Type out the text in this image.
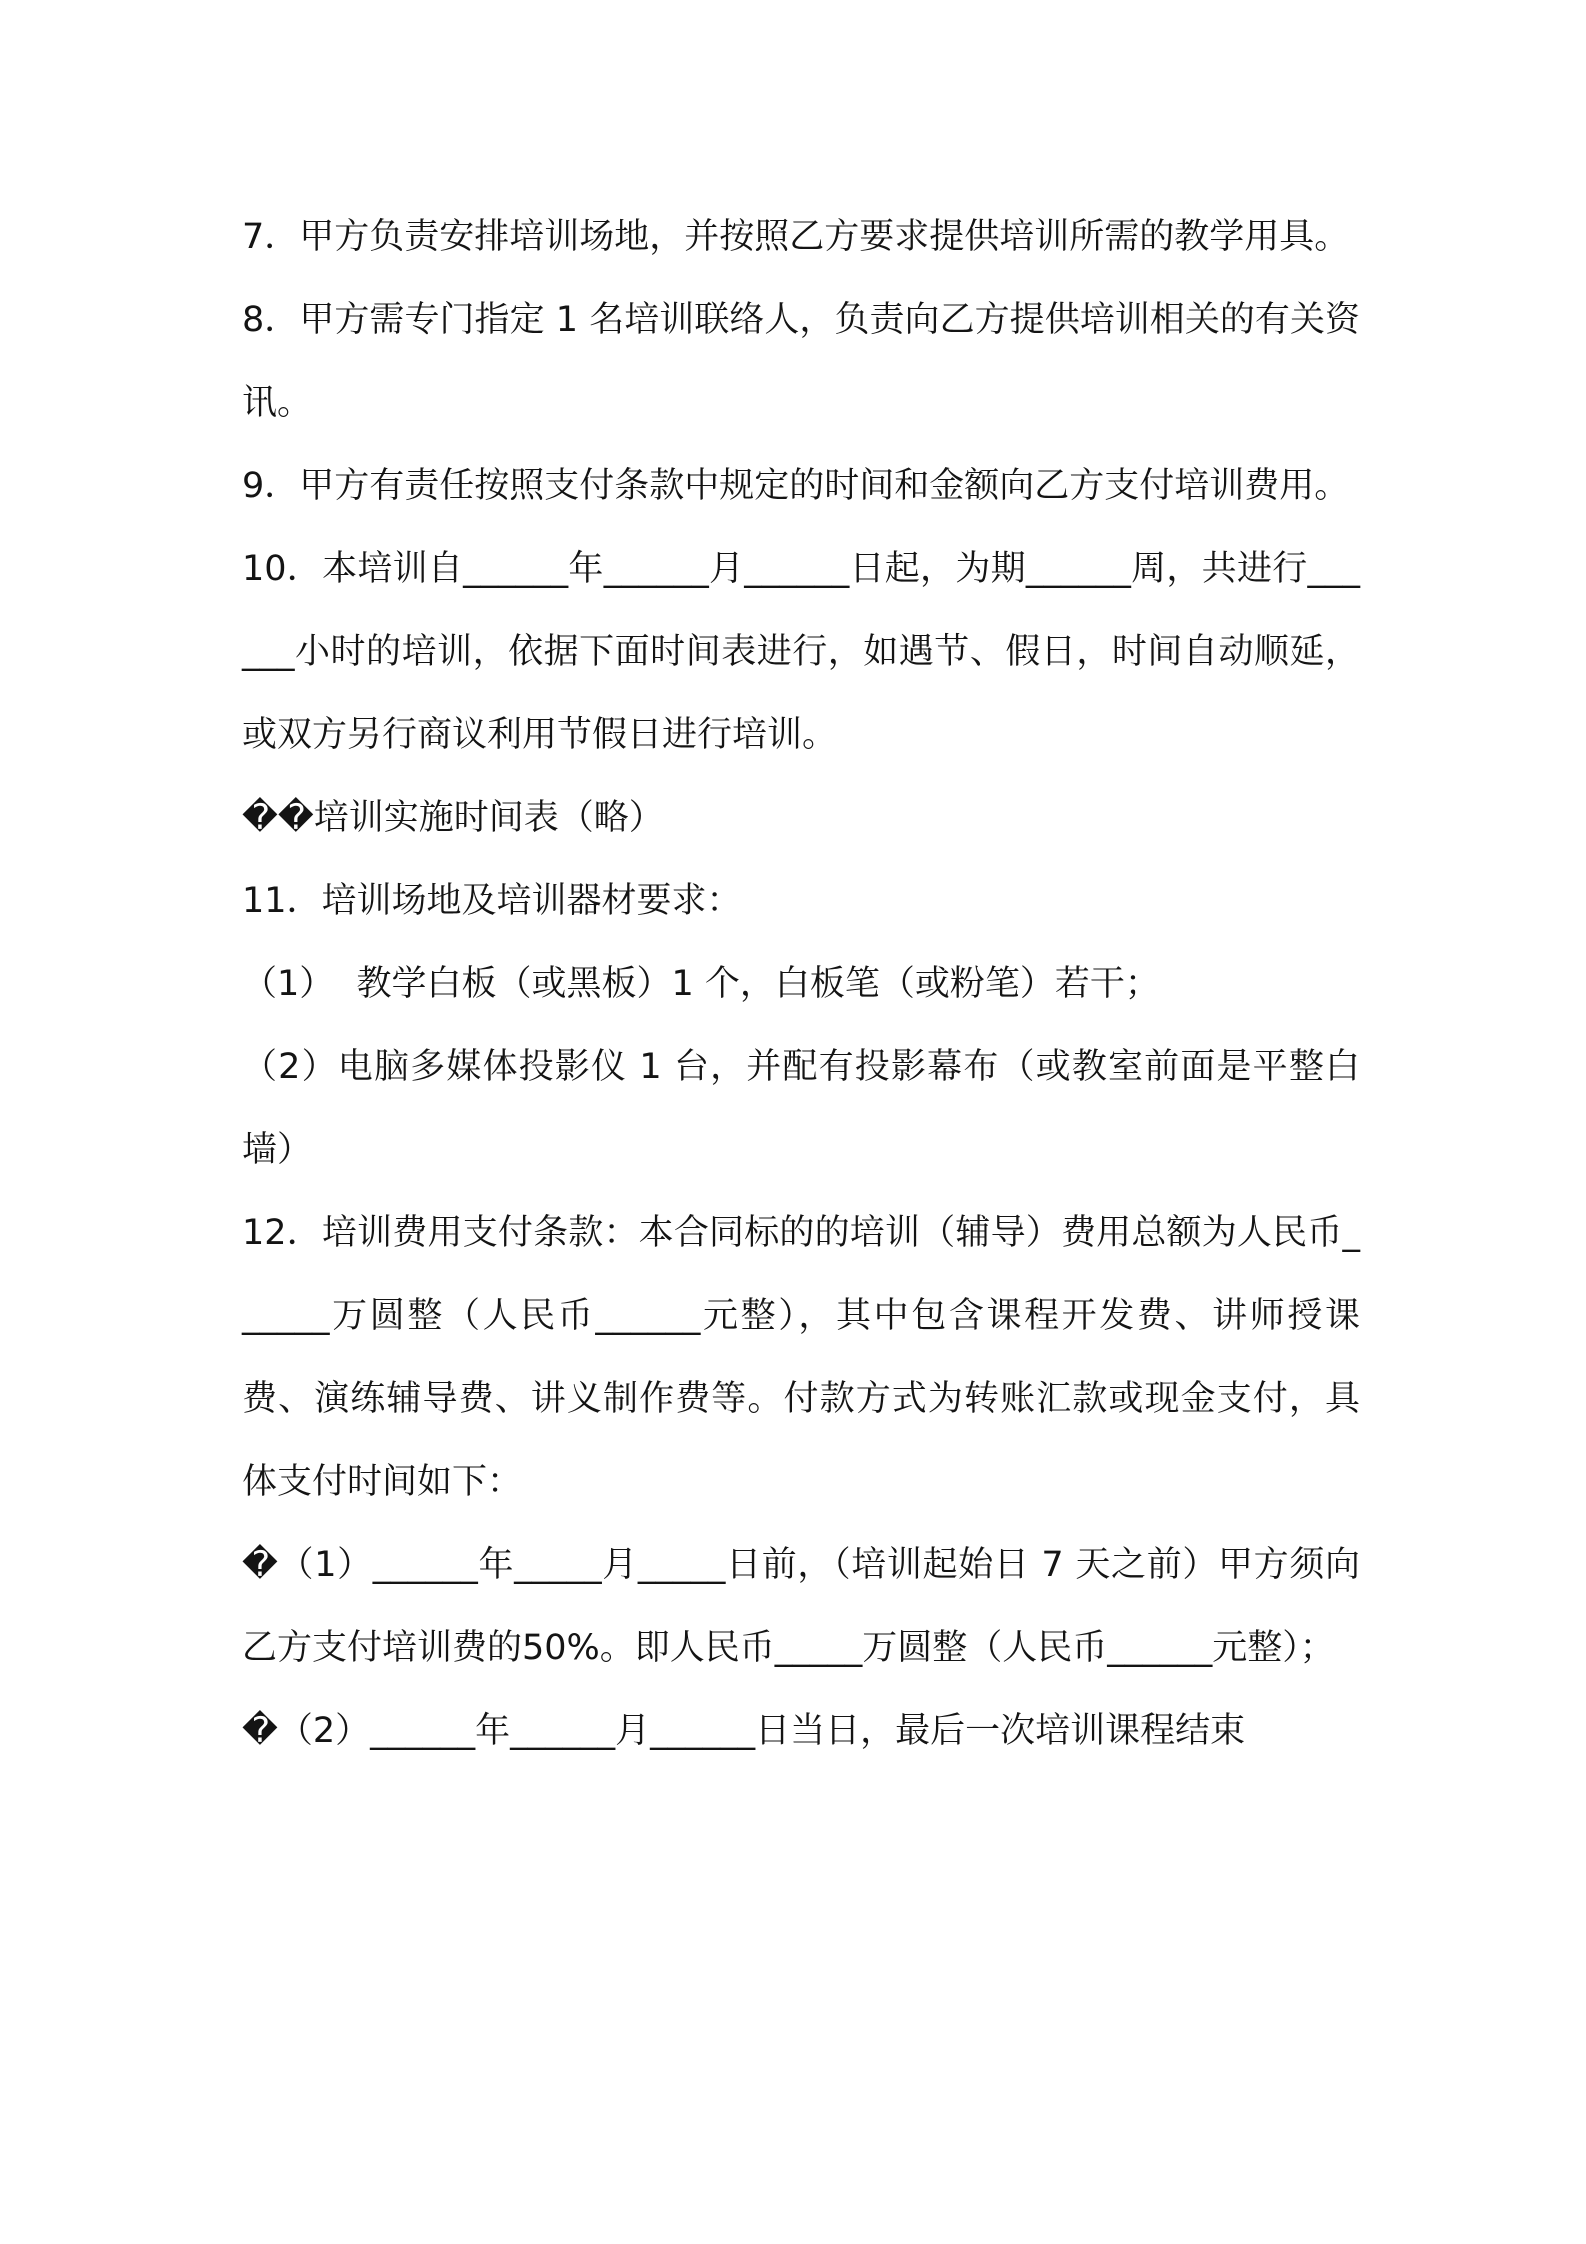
7．甲方负责安排培训场地，并按照乙方要求提供培训所需的教学用具。

8．甲方需专门指定 1 名培训联络人，负责向乙方提供培训相关的有关资讯。

9．甲方有责任按照支付条款中规定的时间和金额向乙方支付培训费用。

10．本培训自______年______月______日起，为期______周，共进行______小时的培训，依据下面时间表进行，如遇节、假日，时间自动顺延，或双方另行商议利用节假日进行培训。

��培训实施时间表（略）

11．培训场地及培训器材要求：

（1）  教学白板（或黑板）1 个，白板笔（或粉笔）若干；

（2）电脑多媒体投影仪 1 台，并配有投影幕布（或教室前面是平整白墙）

12．培训费用支付条款：本合同标的的培训（辅导）费用总额为人民币______万圆整（人民币______元整），其中包含课程开发费、讲师授课费、演练辅导费、讲义制作费等。付款方式为转账汇款或现金支付，具体支付时间如下：

�（1）______年_____月_____日前，（培训起始日 7 天之前）甲方须向乙方支付培训费的50%。即人民币_____万圆整（人民币______元整）；

�（2）______年______月______日当日，最后一次培训课程结束
